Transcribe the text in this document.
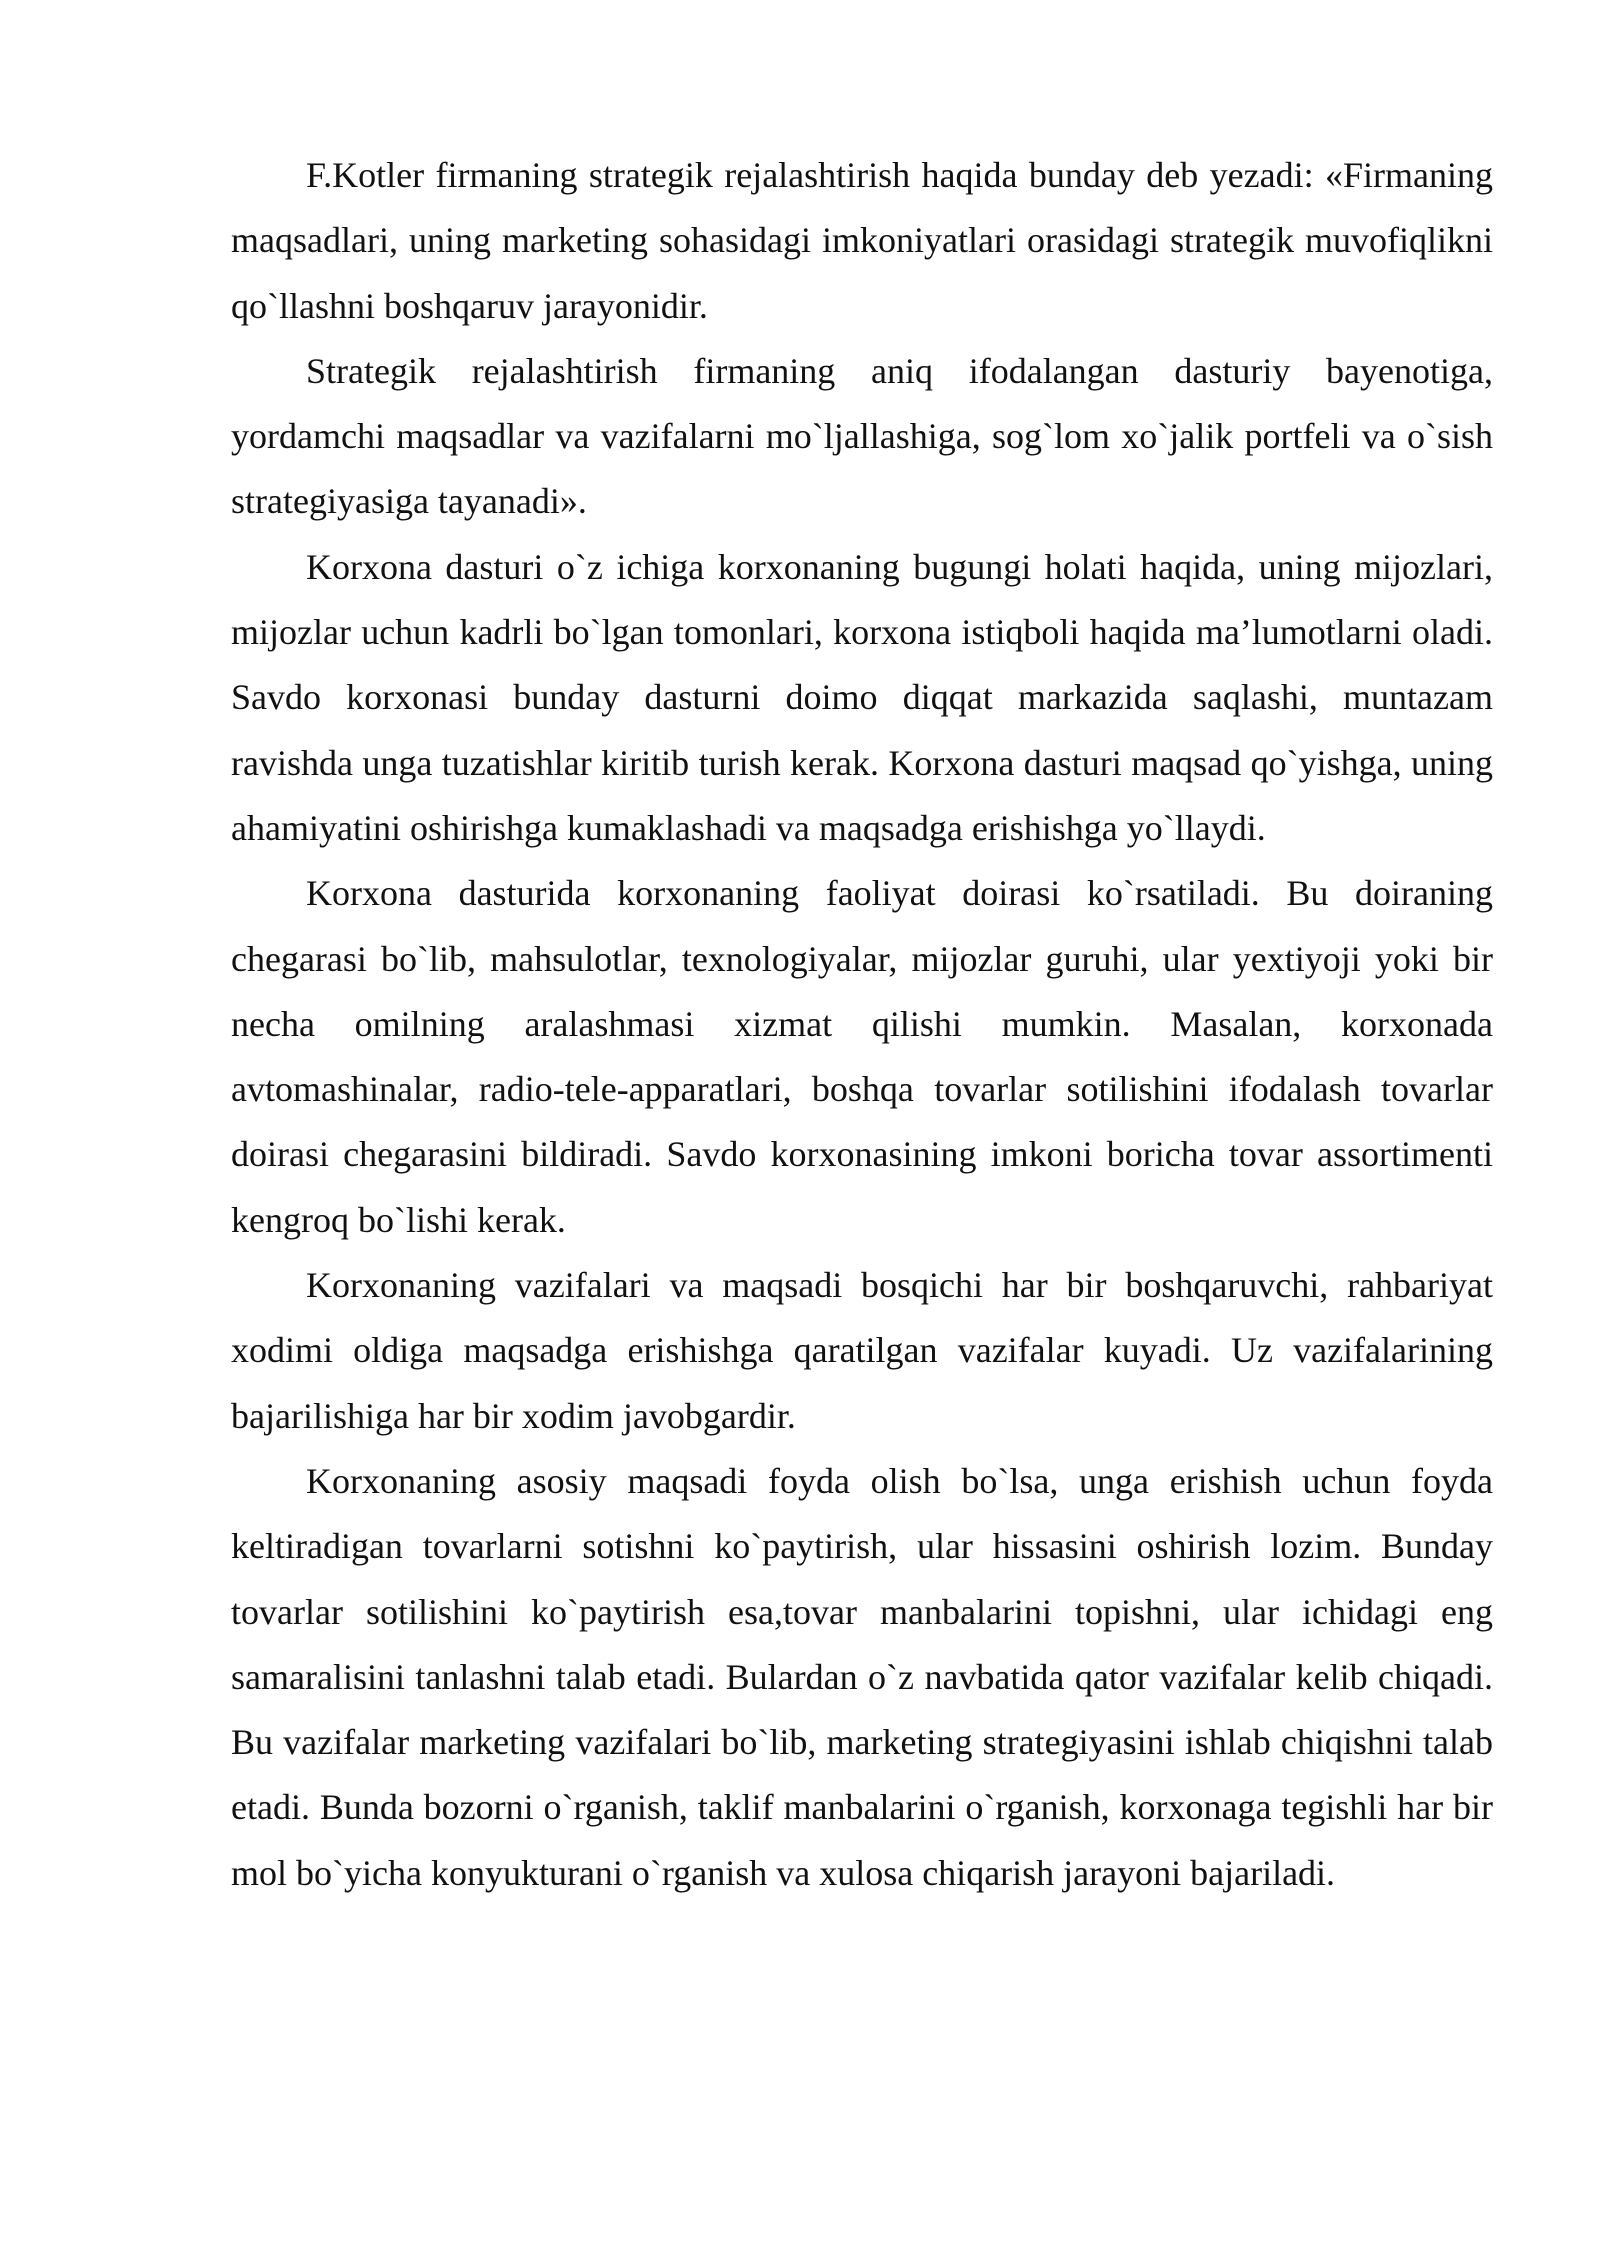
F.Kotler firmaning strategik rejalashtirish haqida bunday deb yezadi: «Firmaning maqsadlari, uning marketing sohasidagi imkoniyatlari orasidagi strategik muvofiqlikni qo`llashni boshqaruv jarayonidir.

Strategik rejalashtirish firmaning aniq ifodalangan dasturiy bayenotiga, yordamchi maqsadlar va vazifalarni mo`ljallashiga, sog`lom xo`jalik portfeli va o`sish strategiyasiga tayanadi».

Korxona dasturi o`z ichiga korxonaning bugungi holati haqida, uning mijozlari, mijozlar uchun kadrli bo`lgan tomonlari, korxona istiqboli haqida ma’lumotlarni oladi. Savdo korxonasi bunday dasturni doimo diqqat markazida saqlashi, muntazam ravishda unga tuzatishlar kiritib turish kerak. Korxona dasturi maqsad qo`yishga, uning ahamiyatini oshirishga kumaklashadi va maqsadga erishishga yo`llaydi.

Korxona dasturida korxonaning faoliyat doirasi ko`rsatiladi. Bu doiraning chegarasi bo`lib, mahsulotlar, texnologiyalar, mijozlar guruhi, ular yextiyoji yoki bir necha omilning aralashmasi xizmat qilishi mumkin. Masalan, korxonada avtomashinalar, radio-tele-apparatlari, boshqa tovarlar sotilishini ifodalash tovarlar doirasi chegarasini bildiradi. Savdo korxonasining imkoni boricha tovar assortimenti kengroq bo`lishi kerak.

Korxonaning vazifalari va maqsadi bosqichi har bir boshqaruvchi, rahbariyat xodimi oldiga maqsadga erishishga qaratilgan vazifalar kuyadi. Uz vazifalarining bajarilishiga har bir xodim javobgardir.

Korxonaning asosiy maqsadi foyda olish bo`lsa, unga erishish uchun foyda keltiradigan tovarlarni sotishni ko`paytirish, ular hissasini oshirish lozim. Bunday tovarlar sotilishini ko`paytirish esa,tovar manbalarini topishni, ular ichidagi eng samaralisini tanlashni talab etadi. Bulardan o`z navbatida qator vazifalar kelib chiqadi. Bu vazifalar marketing vazifalari bo`lib, marketing strategiyasini ishlab chiqishni talab etadi. Bunda bozorni o`rganish, taklif manbalarini o`rganish, korxonaga tegishli har bir mol bo`yicha konyukturani o`rganish va xulosa chiqarish jarayoni bajariladi.
